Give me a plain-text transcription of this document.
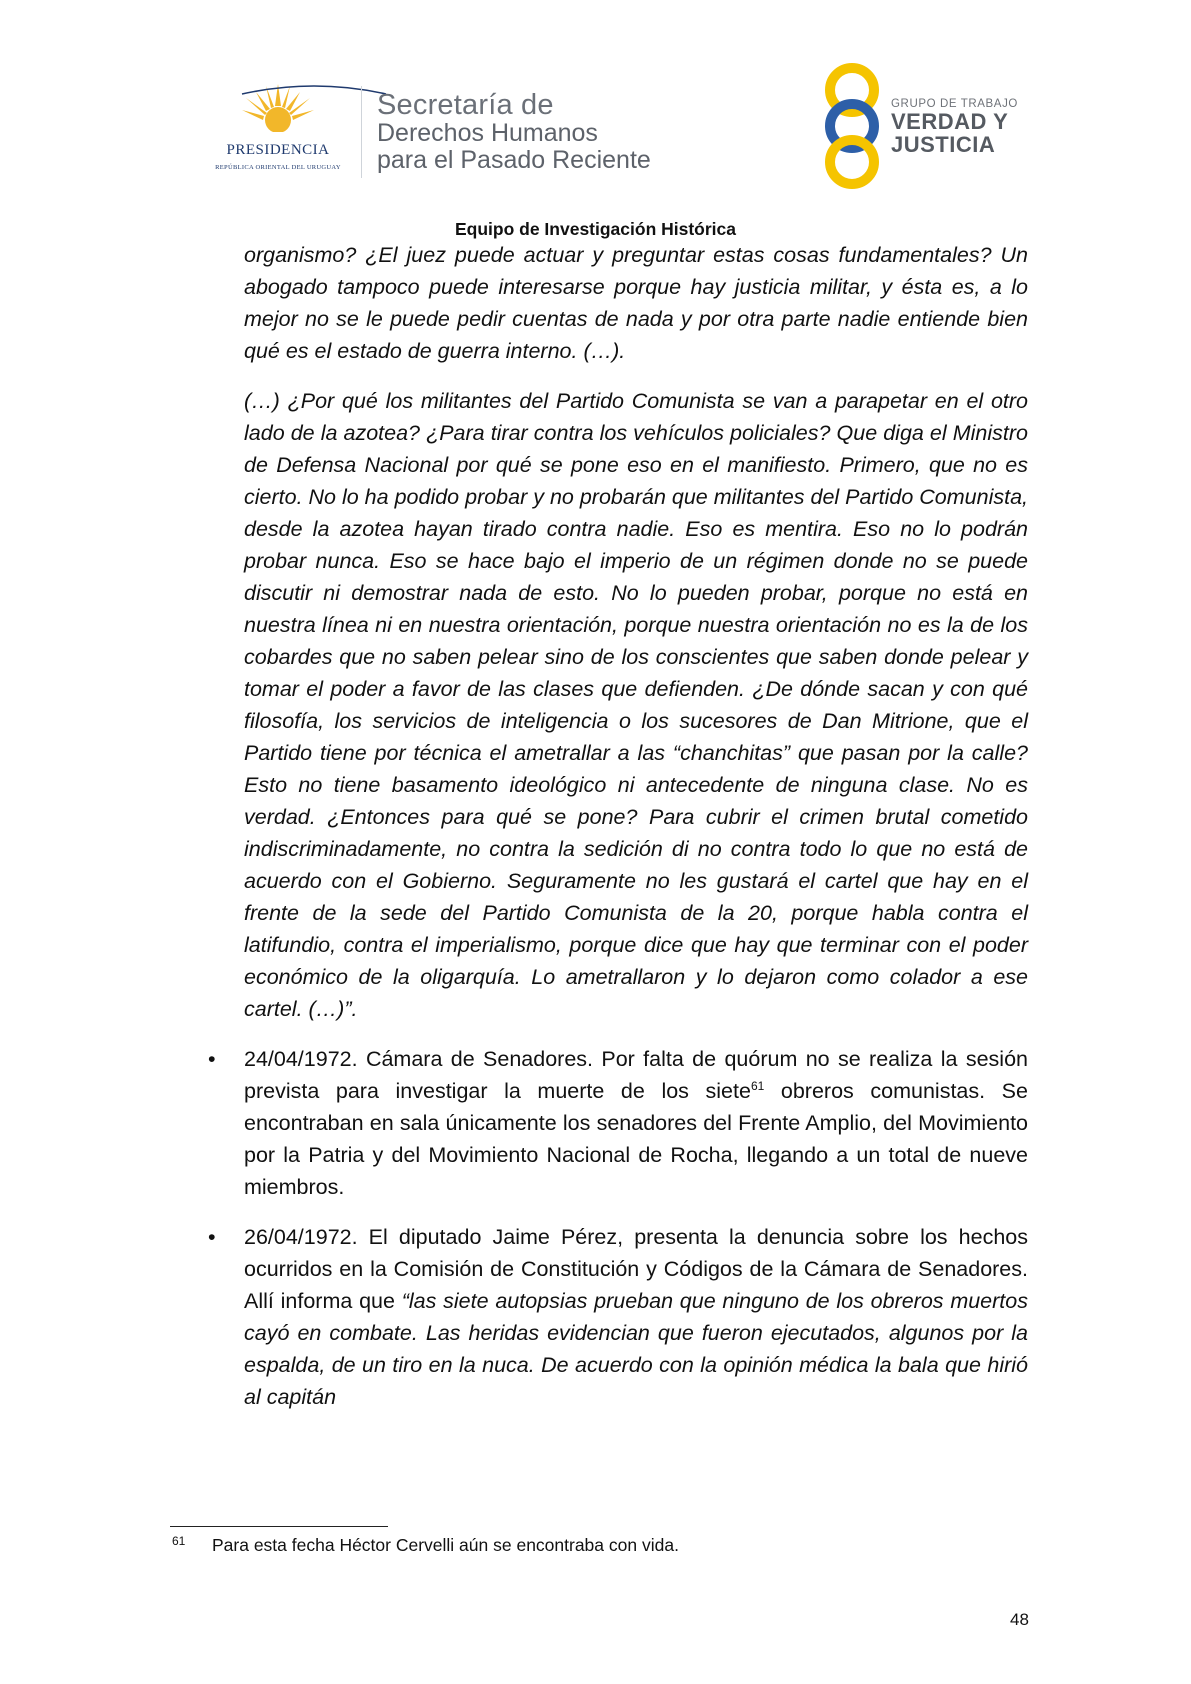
PRESIDENCIA
REPÚBLICA ORIENTAL DEL URUGUAY
Secretaría de
Derechos Humanos
para el Pasado Reciente
GRUPO DE TRABAJO
VERDAD Y
JUSTICIA
Equipo de Investigación Histórica

organismo? ¿El juez puede actuar y preguntar estas cosas fundamentales? Un abogado tampoco puede interesarse porque hay justicia militar, y ésta es, a lo mejor no se le puede pedir cuentas de nada y por otra parte nadie entiende bien qué es el estado de guerra interno. (…).

(…) ¿Por qué los militantes del Partido Comunista se van a parapetar en el otro lado de la azotea? ¿Para tirar contra los vehículos policiales? Que diga el Ministro de Defensa Nacional por qué se pone eso en el manifiesto. Primero, que no es cierto. No lo ha podido probar y no probarán que militantes del Partido Comunista, desde la azotea hayan tirado contra nadie. Eso es mentira. Eso no lo podrán probar nunca. Eso se hace bajo el imperio de un régimen donde no se puede discutir ni demostrar nada de esto. No lo pueden probar, porque no está en nuestra línea ni en nuestra orientación, porque nuestra orientación no es la de los cobardes que no saben pelear sino de los conscientes que saben donde pelear y tomar el poder a favor de las clases que defienden. ¿De dónde sacan y con qué filosofía, los servicios de inteligencia o los sucesores de Dan Mitrione, que el Partido tiene por técnica el ametrallar a las “chanchitas” que pasan por la calle? Esto no tiene basamento ideológico ni antecedente de ninguna clase. No es verdad. ¿Entonces para qué se pone? Para cubrir el crimen brutal cometido indiscriminadamente, no contra la sedición di no contra todo lo que no está de acuerdo con el Gobierno. Seguramente no les gustará el cartel que hay en el frente de la sede del Partido Comunista de la 20, porque habla contra el latifundio, contra el imperialismo, porque dice que hay que terminar con el poder económico de la oligarquía. Lo ametrallaron y lo dejaron como colador a ese cartel. (…)”.

• 24/04/1972. Cámara de Senadores. Por falta de quórum no se realiza la sesión prevista para investigar la muerte de los siete$^{61}$ obreros comunistas. Se encontraban en sala únicamente los senadores del Frente Amplio, del Movimiento por la Patria y del Movimiento Nacional de Rocha, llegando a un total de nueve miembros.

• 26/04/1972. El diputado Jaime Pérez, presenta la denuncia sobre los hechos ocurridos en la Comisión de Constitución y Códigos de la Cámara de Senadores. Allí informa que “las siete autopsias prueban que ninguno de los obreros muertos cayó en combate. Las heridas evidencian que fueron ejecutados, algunos por la espalda, de un tiro en la nuca. De acuerdo con la opinión médica la bala que hirió al capitán

61 Para esta fecha Héctor Cervelli aún se encontraba con vida.
48
